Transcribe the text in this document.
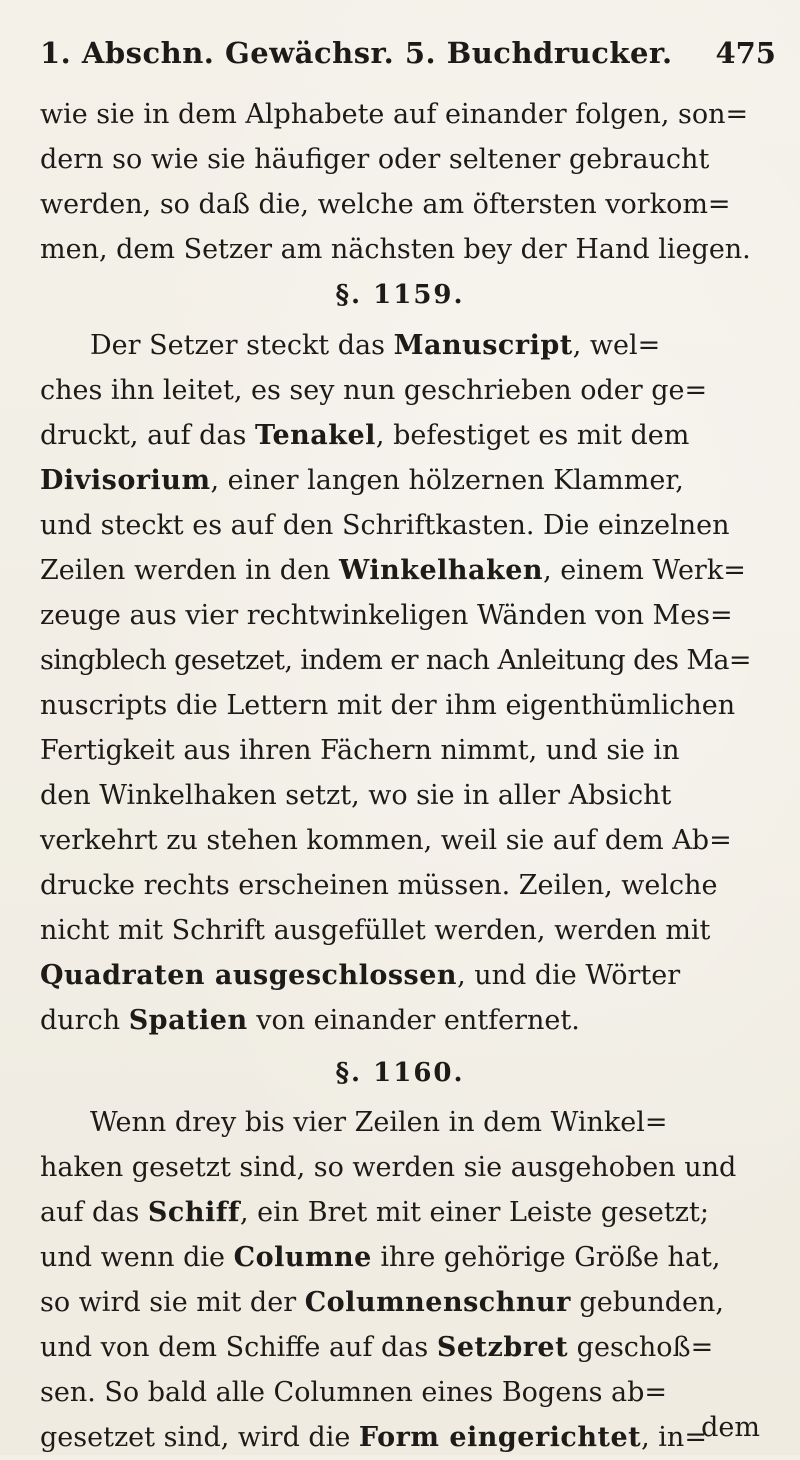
1. Abschn. Gewächsr. 5. Buchdrucker. 475
wie sie in dem Alphabete auf einander folgen, son=
dern so wie sie häufiger oder seltener gebraucht
werden, so daß die, welche am öftersten vorkom=
men, dem Setzer am nächsten bey der Hand liegen.
§. 1159.
Der Setzer steckt das Manuscript, wel=
ches ihn leitet, es sey nun geschrieben oder ge=
druckt, auf das Tenakel, befestiget es mit dem
Divisorium, einer langen hölzernen Klammer,
und steckt es auf den Schriftkasten. Die einzelnen
Zeilen werden in den Winkelhaken, einem Werk=
zeuge aus vier rechtwinkeligen Wänden von Mes=
singblech gesetzet, indem er nach Anleitung des Ma=
nuscripts die Lettern mit der ihm eigenthümlichen
Fertigkeit aus ihren Fächern nimmt, und sie in
den Winkelhaken setzt, wo sie in aller Absicht
verkehrt zu stehen kommen, weil sie auf dem Ab=
drucke rechts erscheinen müssen. Zeilen, welche
nicht mit Schrift ausgefüllet werden, werden mit
Quadraten ausgeschlossen, und die Wörter
durch Spatien von einander entfernet.
§. 1160.
Wenn drey bis vier Zeilen in dem Winkel=
haken gesetzt sind, so werden sie ausgehoben und
auf das Schiff, ein Bret mit einer Leiste gesetzt;
und wenn die Columne ihre gehörige Größe hat,
so wird sie mit der Columnenschnur gebunden,
und von dem Schiffe auf das Setzbret geschoß=
sen. So bald alle Columnen eines Bogens ab=
gesetzet sind, wird die Form eingerichtet, in=
dem
